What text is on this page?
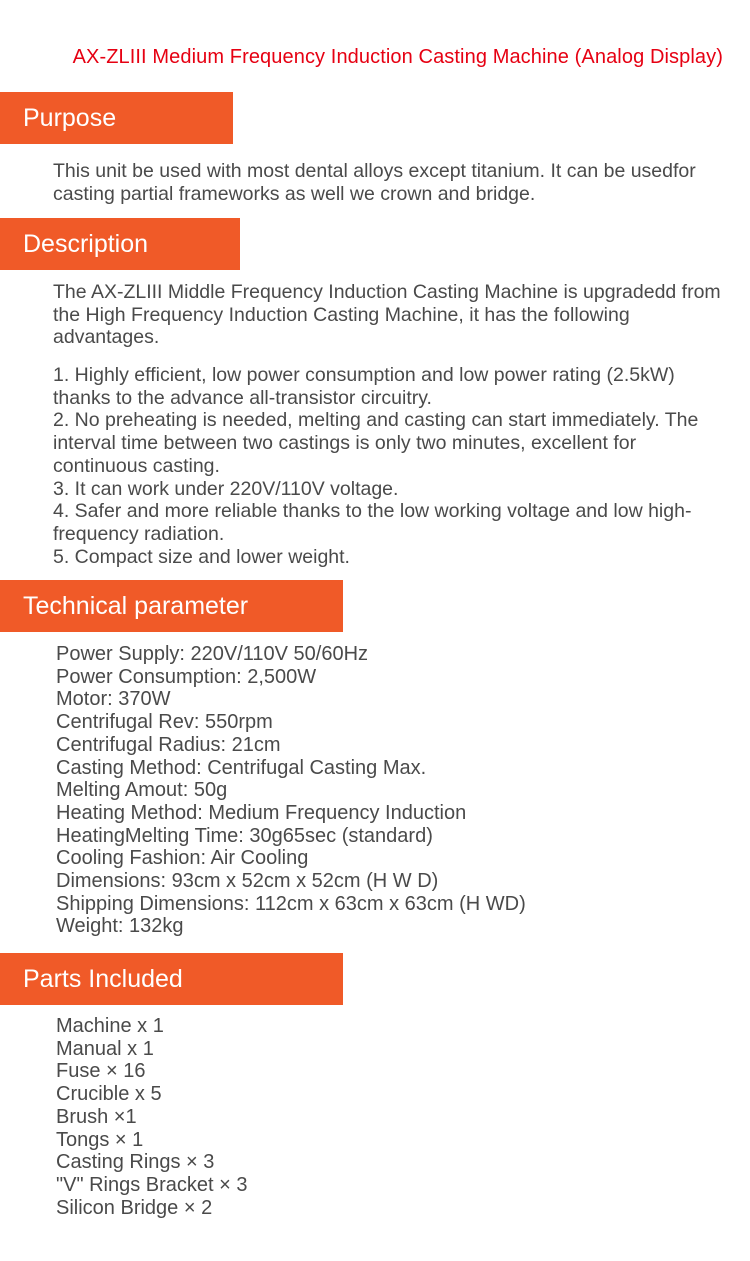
AX-ZLIII Medium Frequency Induction Casting Machine (Analog Display)
Purpose

This unit be used with most dental alloys except titanium. It can be usedfor casting partial frameworks as well we crown and bridge.

Description

The AX-ZLIII Middle Frequency Induction Casting Machine is upgradedd from the High Frequency Induction Casting Machine, it has the following advantages.

1. Highly efficient, low power consumption and low power rating (2.5kW) thanks to the advance all-transistor circuitry.
2. No preheating is needed, melting and casting can start immediately. The interval time between two castings is only two minutes, excellent for continuous casting.
3. It can work under 220V/110V voltage.
4. Safer and more reliable thanks to the low working voltage and low high-frequency radiation.
5. Compact size and lower weight.
Technical parameter
Power Supply: 220V/110V 50/60Hz
Power Consumption: 2,500W
Motor: 370W
Centrifugal Rev: 550rpm
Centrifugal Radius: 21cm
Casting Method: Centrifugal Casting Max.
Melting Amout: 50g
Heating Method: Medium Frequency Induction
HeatingMelting Time: 30g65sec (standard)
Cooling Fashion: Air Cooling
Dimensions: 93cm x 52cm x 52cm (H W D)
Shipping Dimensions: 112cm x 63cm x 63cm (H WD)
Weight: 132kg
Parts Included
Machine x 1
Manual x 1
Fuse × 16
Crucible x 5
Brush ×1
Tongs × 1
Casting Rings × 3
"V" Rings Bracket × 3
Silicon Bridge × 2
